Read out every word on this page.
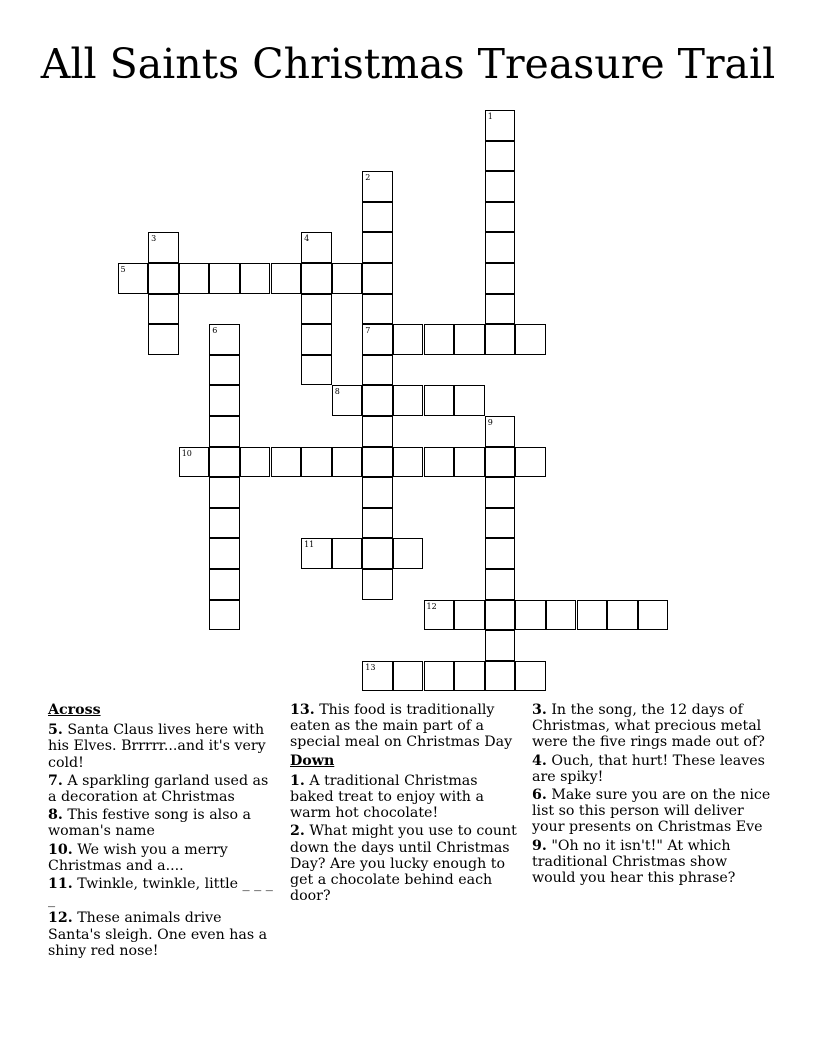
All Saints Christmas Treasure Trail
1
2
7
3	4
5
6
8
9
10
11
12
13
Across
5. Santa Claus lives here with his Elves. Brrrrr...and it's very cold!
7. A sparkling garland used as a decoration at Christmas
8. This festive song is also a woman's name
10. We wish you a merry Christmas and a....
11. Twinkle, twinkle, little _ _ _ _
12. These animals drive Santa's sleigh. One even has a shiny red nose!
13. This food is traditionally eaten as the main part of a special meal on Christmas Day
Down
1. A traditional Christmas baked treat to enjoy with a warm hot chocolate!
2. What might you use to count down the days until Christmas Day? Are you lucky enough to get a chocolate behind each door?
3. In the song, the 12 days of Christmas, what precious metal were the five rings made out of?
4. Ouch, that hurt! These leaves are spiky!
6. Make sure you are on the nice list so this person will deliver your presents on Christmas Eve
9. "Oh no it isn't!" At which traditional Christmas show would you hear this phrase?
